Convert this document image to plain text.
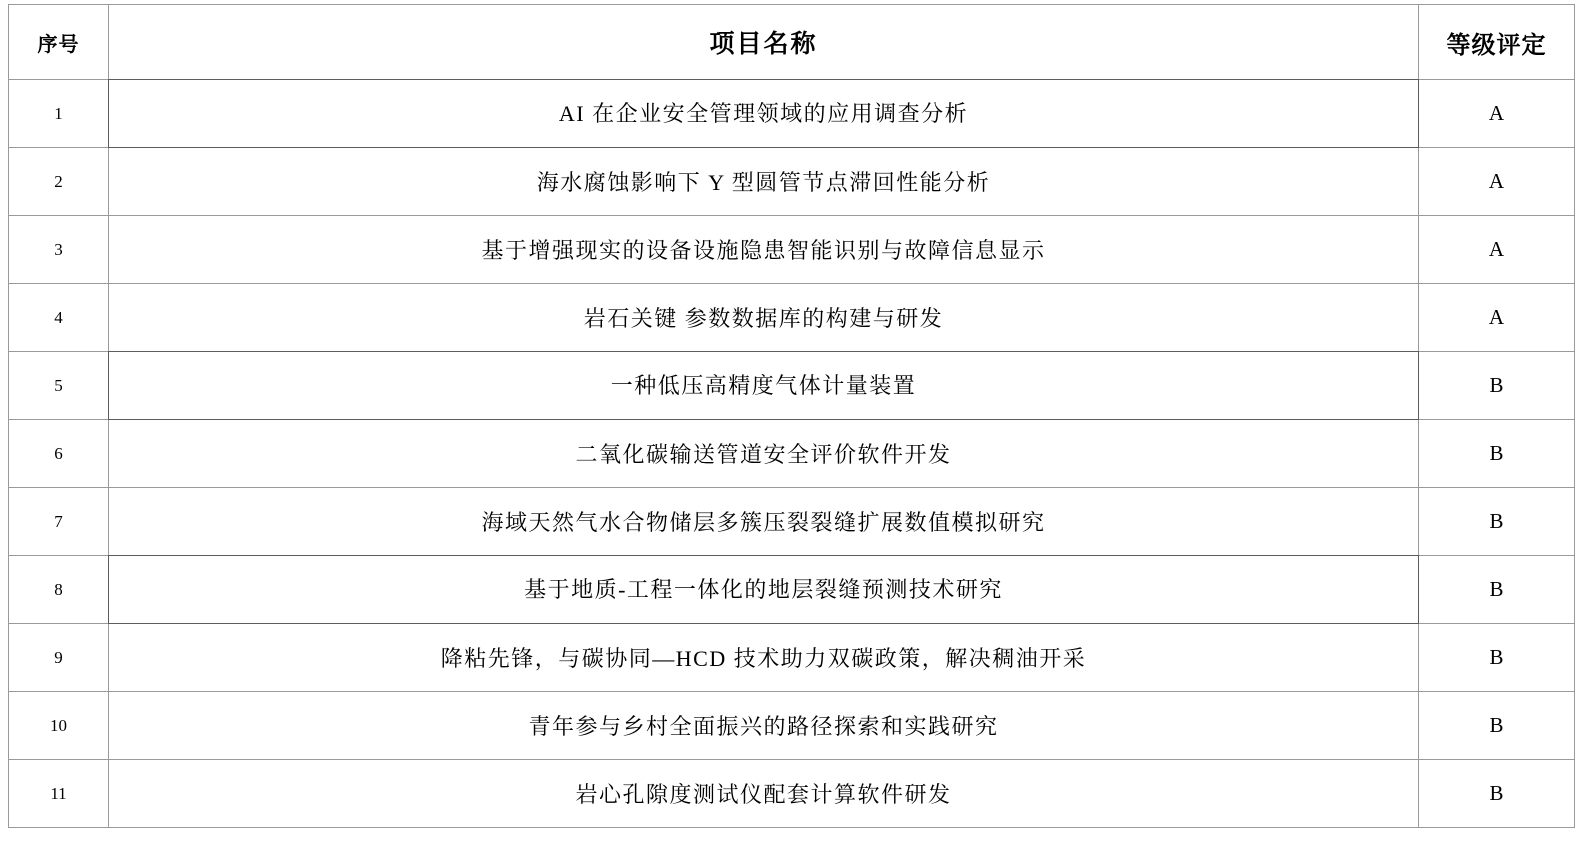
序号	项目名称	等级评定
1	AI 在企业安全管理领域的应用调查分析	A
2	海水腐蚀影响下 Y 型圆管节点滞回性能分析	A
3	基于增强现实的设备设施隐患智能识别与故障信息显示	A
4	岩石关键 参数数据库的构建与研发	A
5	一种低压高精度气体计量装置	B
6	二氧化碳输送管道安全评价软件开发	B
7	海域天然气水合物储层多簇压裂裂缝扩展数值模拟研究	B
8	基于地质-工程一体化的地层裂缝预测技术研究	B
9	降粘先锋，与碳协同—HCD 技术助力双碳政策，解决稠油开采	B
10	青年参与乡村全面振兴的路径探索和实践研究	B
11	岩心孔隙度测试仪配套计算软件研发	B
